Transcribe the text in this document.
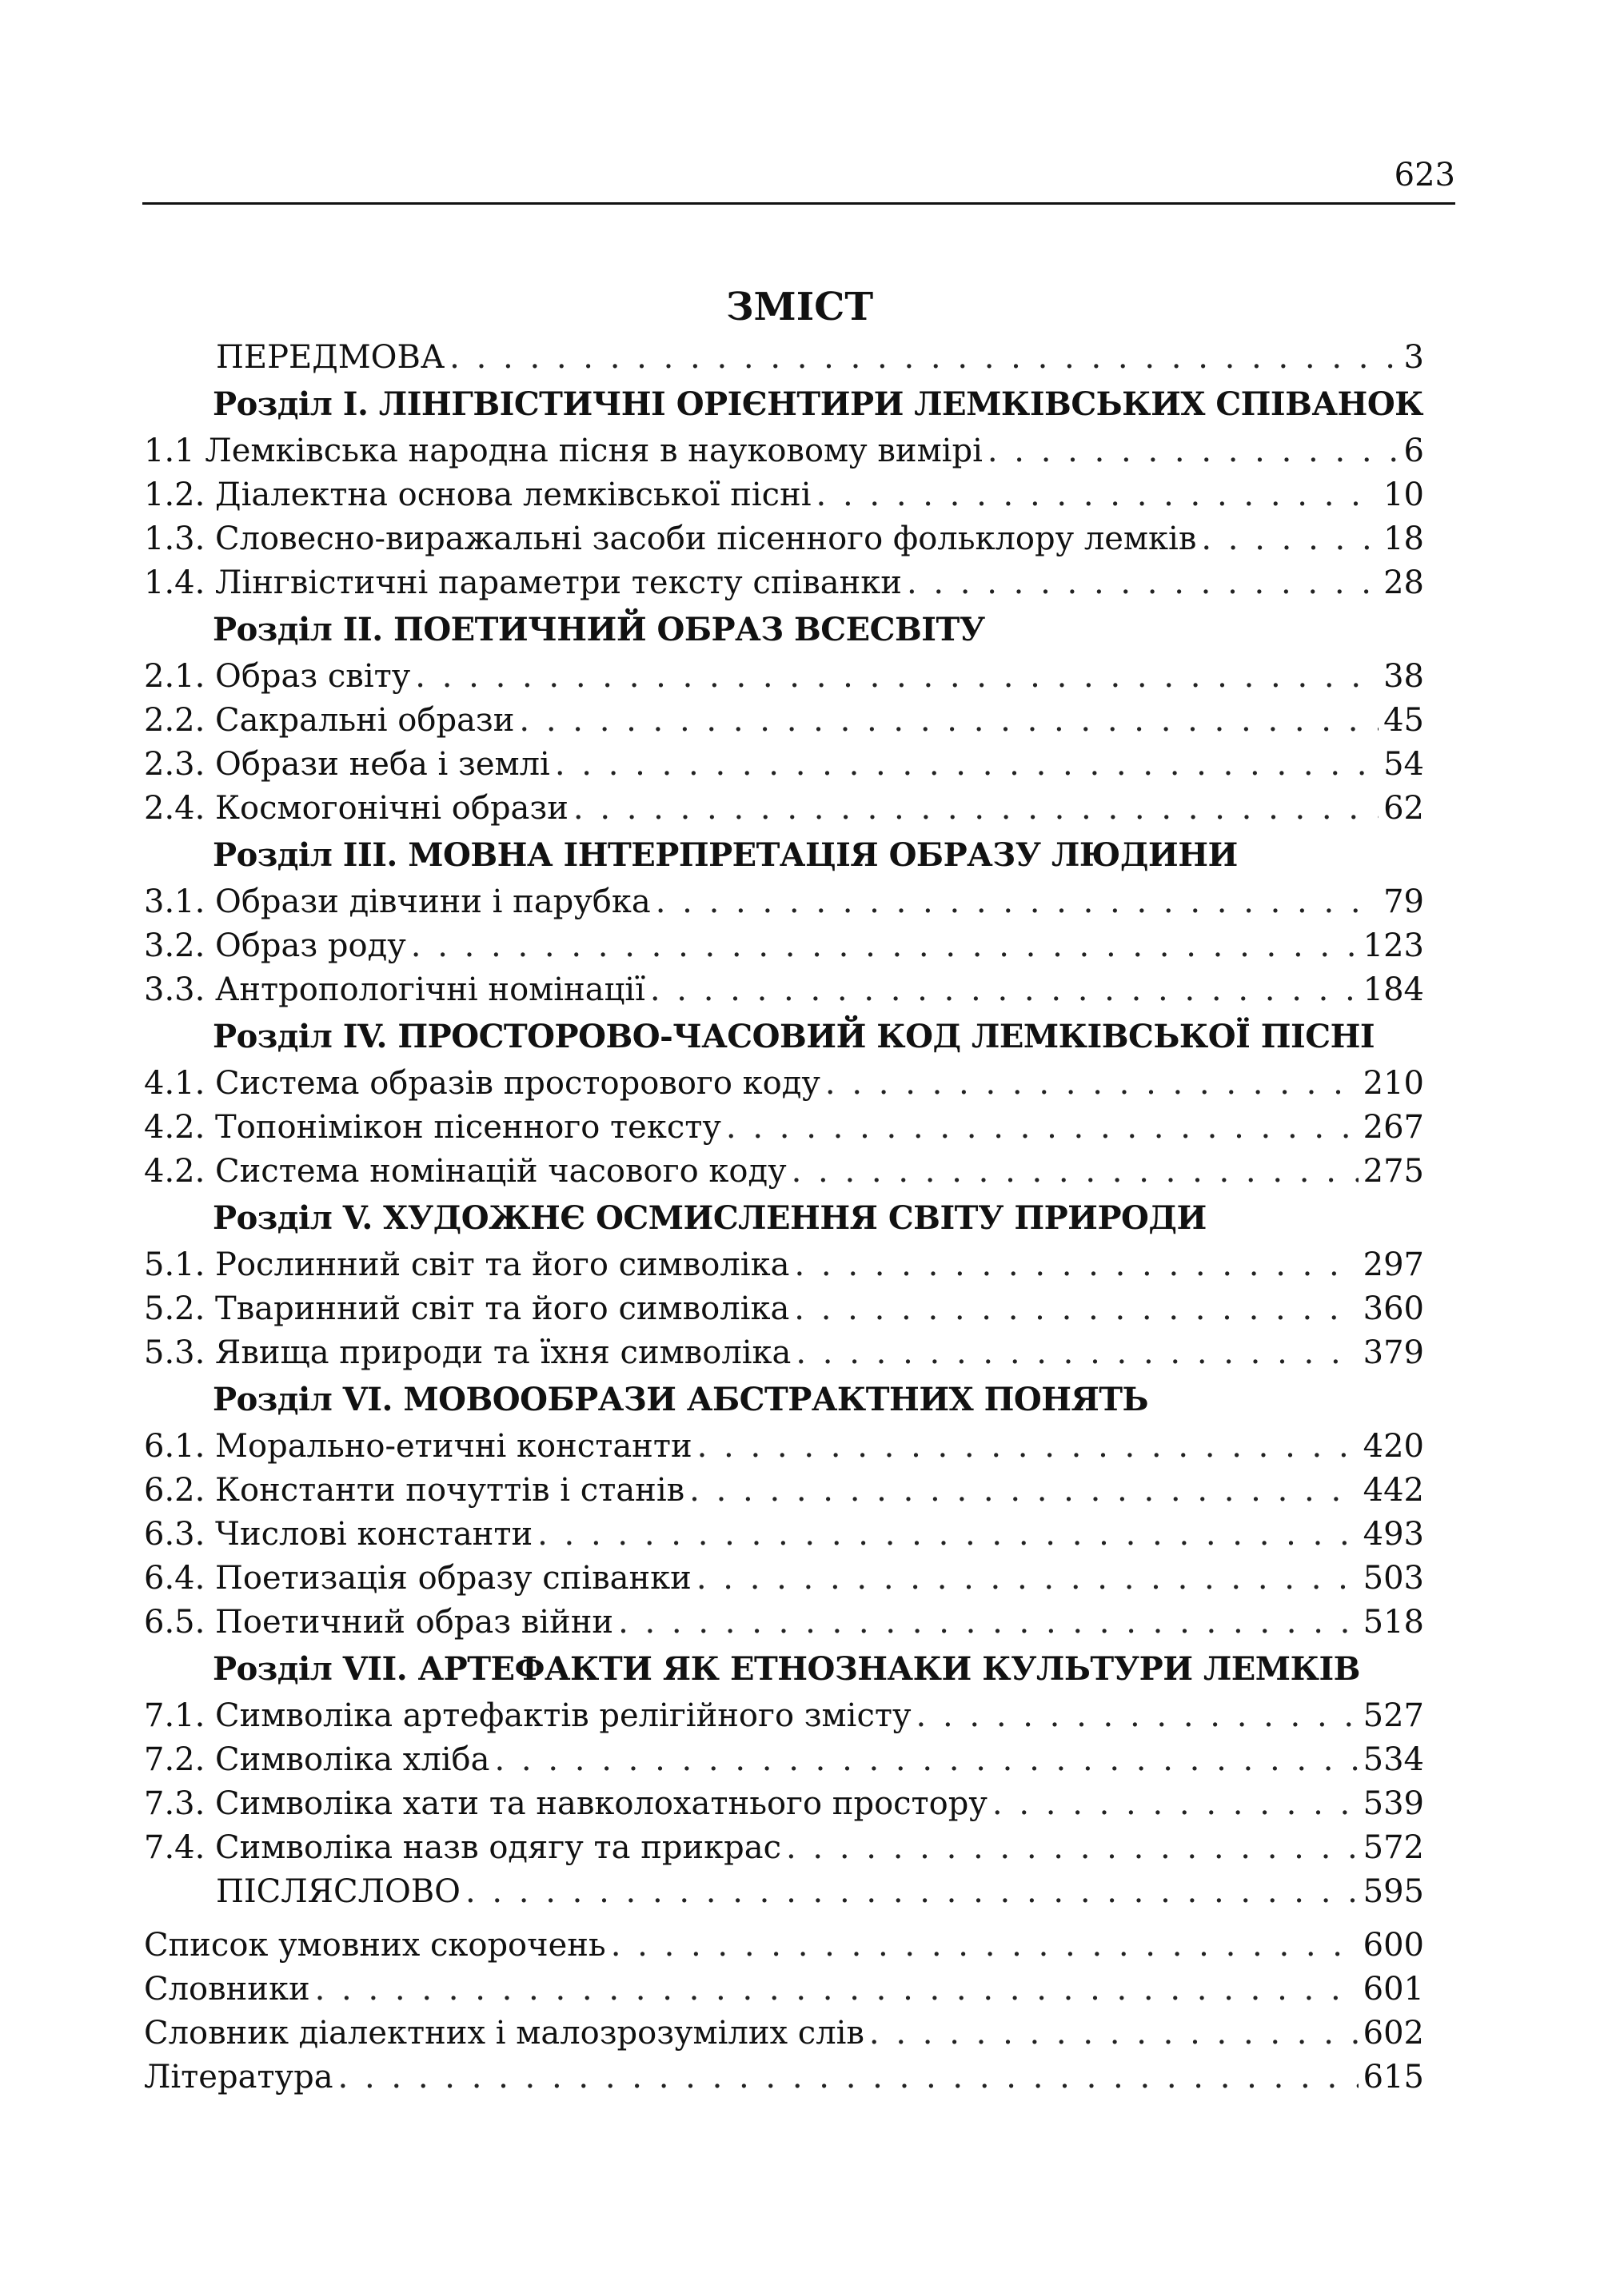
623
ЗМІСТ
ПЕРЕДМОВА . . .	3
Розділ І. ЛІНГВІСТИЧНІ ОРІЄНТИРИ ЛЕМКІВСЬКИХ СПІВАНОК
1.1 Лемківська народна пісня в науковому вимірі . . .	6
1.2. Діалектна основа лемківської пісні . . .	10
1.3. Словесно-виражальні засоби пісенного фольклору лемків . . .	18
1.4. Лінгвістичні параметри тексту співанки . . .	28
Розділ ІІ. ПОЕТИЧНИЙ ОБРАЗ ВСЕСВІТУ
2.1. Образ світу . . .	38
2.2. Сакральні образи . . .	45
2.3. Образи неба і землі . . .	54
2.4. Космогонічні образи . . .	62
Розділ ІІІ. МОВНА ІНТЕРПРЕТАЦІЯ ОБРАЗУ ЛЮДИНИ
3.1. Образи дівчини і парубка . . .	79
3.2. Образ роду . . .	123
3.3. Антропологічні номінації . . .	184
Розділ ІV. ПРОСТОРОВО-ЧАСОВИЙ КОД ЛЕМКІВСЬКОЇ ПІСНІ
4.1. Система образів просторового коду . . .	210
4.2. Топонімікон пісенного тексту . . .	267
4.2. Система номінацій часового коду . . .	275
Розділ V. ХУДОЖНЄ ОСМИСЛЕННЯ СВІТУ ПРИРОДИ
5.1. Рослинний світ та його символіка . . .	297
5.2. Тваринний світ та його символіка . . .	360
5.3. Явища природи та їхня символіка . . .	379
Розділ VІ. МОВООБРАЗИ АБСТРАКТНИХ ПОНЯТЬ
6.1. Морально-етичні константи . . .	420
6.2. Константи почуттів і станів . . .	442
6.3. Числові константи . . .	493
6.4. Поетизація образу співанки . . .	503
6.5. Поетичний образ війни . . .	518
Розділ VІІ. АРТЕФАКТИ ЯК ЕТНОЗНАКИ КУЛЬТУРИ ЛЕМКІВ
7.1. Символіка артефактів релігійного змісту . . .	527
7.2. Символіка хліба . . .	534
7.3. Символіка хати та навколохатнього простору . . .	539
7.4. Символіка назв одягу та прикрас . . .	572
ПІСЛЯСЛОВО . . .	595
Список умовних скорочень . . .	600
Словники . . .	601
Словник діалектних і малозрозумілих слів . . .	602
Література . . .	615
